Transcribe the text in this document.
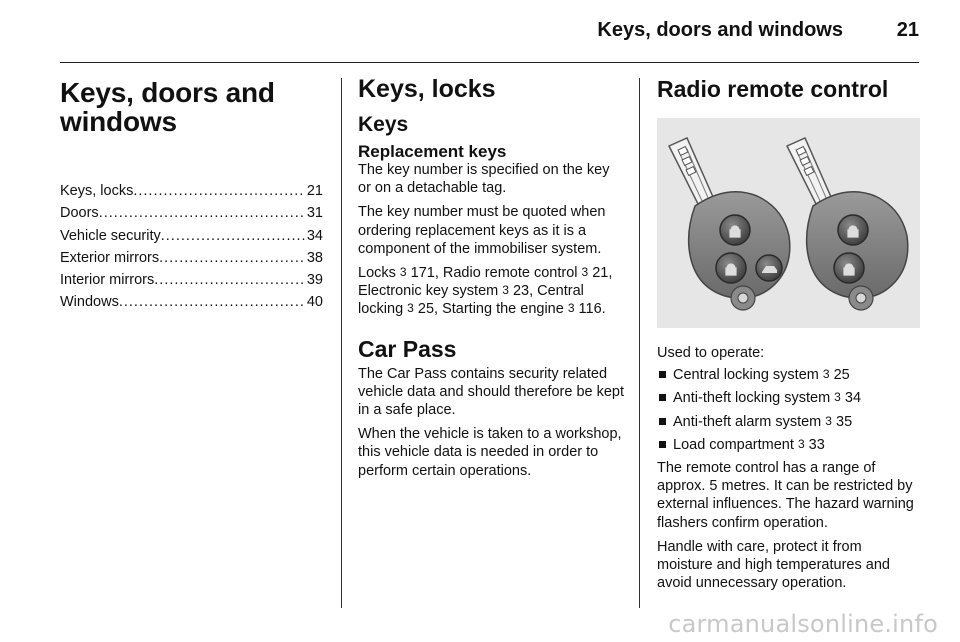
Keys, doors and windows	21
Keys, doors and windows
Keys, locks .....	21
Doors .....	31
Vehicle security .....	34
Exterior mirrors .....	38
Interior mirrors .....	39
Windows .....	40
Keys, locks
Keys
Replacement keys

The key number is specified on the key or on a detachable tag.

The key number must be quoted when ordering replacement keys as it is a component of the immobiliser system.

Locks 3 171, Radio remote control 3 21, Electronic key system 3 23, Central locking 3 25, Starting the engine 3 116.

Car Pass

The Car Pass contains security related vehicle data and should therefore be kept in a safe place.

When the vehicle is taken to a workshop, this vehicle data is needed in order to perform certain operations.

Radio remote control

Used to operate:

Central locking system 3 25
Anti-theft locking system 3 34
Anti-theft alarm system 3 35
Load compartment 3 33

The remote control has a range of approx. 5 metres. It can be restricted by external influences. The hazard warning flashers confirm operation.

Handle with care, protect it from moisture and high temperatures and avoid unnecessary operation.

carmanualsonline.info
